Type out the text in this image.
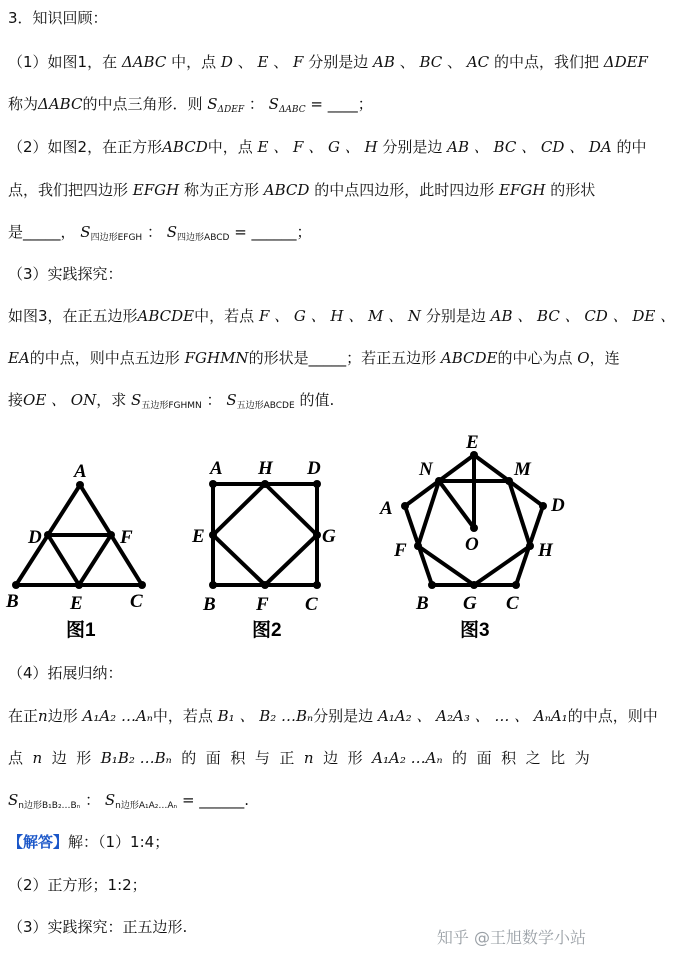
3．知识回顾：
（1）如图1，在 ΔABC 中，点 D 、 E 、 F 分别是边 AB 、 BC 、 AC 的中点，我们把 ΔDEF
称为ΔABC的中点三角形．则 $S_{\Delta DEF}$ ： $S_{\Delta ABC}$ = ____；
（2）如图2，在正方形ABCD中，点 E 、 F 、 G 、 H 分别是边 AB 、 BC 、 CD 、 DA 的中
点，我们把四边形 EFGH 称为正方形 ABCD 的中点四边形，此时四边形 EFGH 的形状
是_____， $S_{四边形EFGH}$ ： $S_{四边形ABCD}$ = ______；
（3）实践探究：
如图3，在正五边形ABCDE中，若点 F 、 G 、 H 、 M 、 N 分别是边 AB 、 BC 、 CD 、 DE 、
EA的中点，则中点五边形 FGHMN的形状是_____；若正五边形 ABCDE的中心为点 O，连
接OE 、 ON，求 $S_{五边形FGHMN}$ ： $S_{五边形ABCDE}$ 的值.
A
B	C
D
E
F
图1
A
B	C
D
E
F
G
H
图2
A
B	C
D
E
F
G
H
M
N
O
图3
（4）拓展归纳：
在正n边形 A₁A₂ …Aₙ中，若点 B₁ 、 B₂ …Bₙ分别是边 A₁A₂ 、 A₂A₃ 、 … 、 AₙA₁的中点，则中
点 n 边 形 B₁B₂ …Bₙ 的 面 积 与 正 n 边 形 A₁A₂ …Aₙ 的 面 积 之 比 为
$S_{n边形B_1B_2\dots B_n}$ ： $S_{n边形A_1A_2\dots A_n}$ = ______.
【解答】解：（1）1:4；
（2）正方形；1:2；
（3）实践探究：正五边形.
知乎 @王旭数学小站
